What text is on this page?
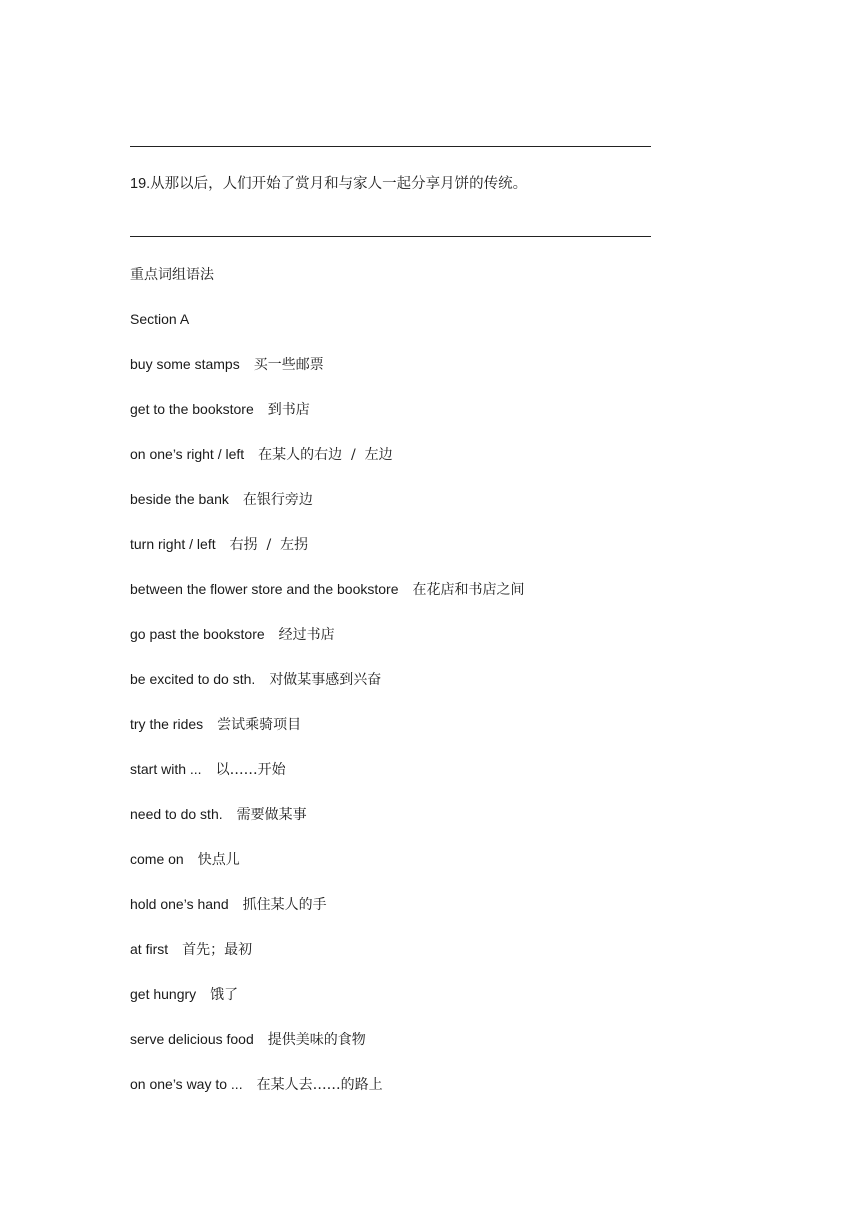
19.从那以后，人们开始了赏月和与家人一起分享月饼的传统。
重点词组语法
Section A
buy some stamps 买一些邮票
get to the bookstore 到书店
on one’s right / left 在某人的右边  /  左边
beside the bank 在银行旁边
turn right / left 右拐  /  左拐
between the flower store and the bookstore 在花店和书店之间
go past the bookstore 经过书店
be excited to do sth. 对做某事感到兴奋
try the rides 尝试乘骑项目
start with ... 以……开始
need to do sth. 需要做某事
come on 快点儿
hold one’s hand 抓住某人的手
at first 首先；最初
get hungry 饿了
serve delicious food 提供美味的食物
on one’s way to ... 在某人去……的路上
